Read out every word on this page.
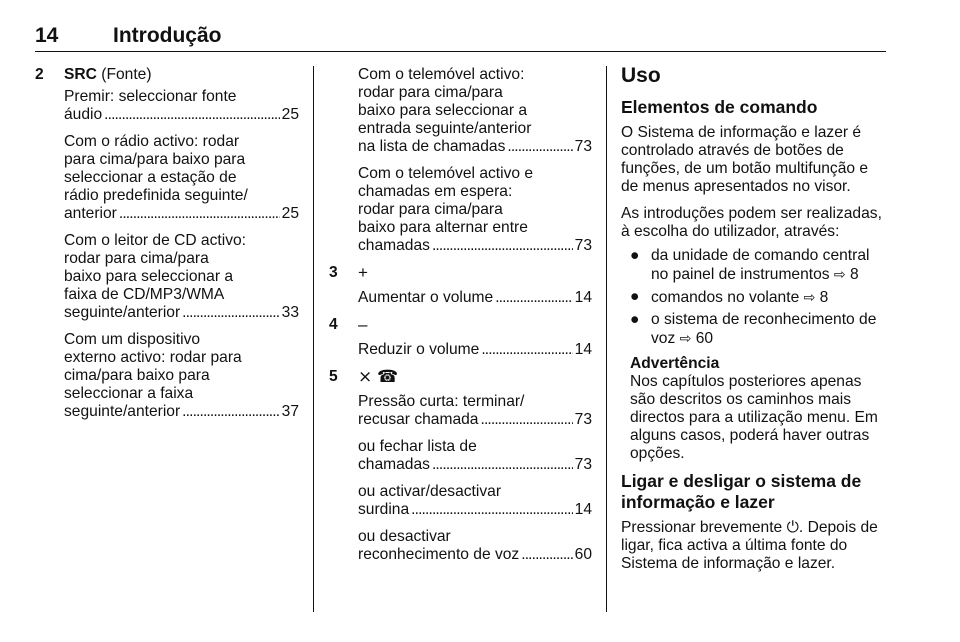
14	Introdução
2 SRC (Fonte)

Premir: seleccionar fonte
áudio . . .	25

Com o rádio activo: rodar
para cima/para baixo para
seleccionar a estação de
rádio predefinida seguinte/
anterior . . .	25

Com o leitor de CD activo:
rodar para cima/para
baixo para seleccionar a
faixa de CD/MP3/WMA
seguinte/anterior . . .	33

Com um dispositivo
externo activo: rodar para
cima/para baixo para
seleccionar a faixa
seguinte/anterior . . .	37

Com o telemóvel activo:
rodar para cima/para
baixo para seleccionar a
entrada seguinte/anterior
na lista de chamadas . . .	73

Com o telemóvel activo e
chamadas em espera:
rodar para cima/para
baixo para alternar entre
chamadas . . .	73

3 +

Aumentar o volume . . .	14

4 –

Reduzir o volume . . .	14

5 ⨯ ☎

Pressão curta: terminar/
recusar chamada . . .	73

ou fechar lista de
chamadas . . .	73

ou activar/desactivar
surdina . . .	14

ou desactivar
reconhecimento de voz . . .	60

Uso
Elementos de comando

O Sistema de informação e lazer é controlado através de botões de funções, de um botão multifunção e de menus apresentados no visor.

As introduções podem ser realizadas, à escolha do utilizador, através:

● da unidade de comando central no painel de instrumentos ⇨ 8
● comandos no volante ⇨ 8
● o sistema de reconhecimento de voz ⇨ 60
Advertência
Nos capítulos posteriores apenas são descritos os caminhos mais directos para a utilização menu. Em alguns casos, poderá haver outras opções.
Ligar e desligar o sistema de informação e lazer

Pressionar brevemente ⏻. Depois de ligar, fica activa a última fonte do Sistema de informação e lazer.
